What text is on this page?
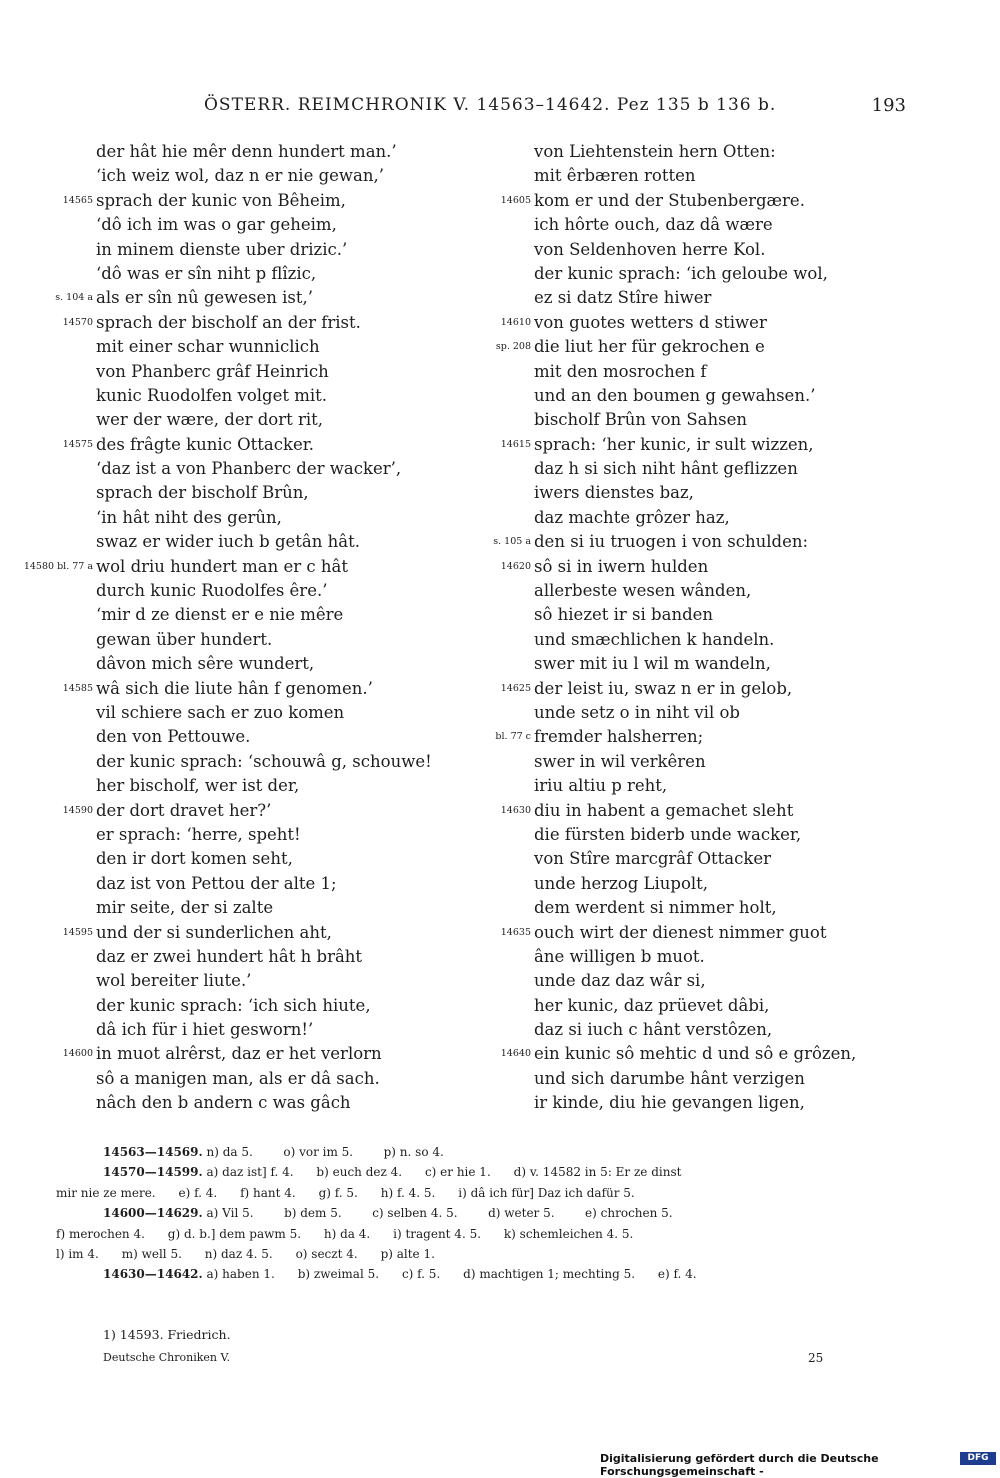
ÖSTERR. REIMCHRONIK V. 14563–14642. Pez 135 b 136 b.	193
der hât hie mêr denn hundert man.’
‘ich weiz wol, daz n er nie gewan,’
14565 sprach der kunic von Bêheim,
‘dô ich im was o gar geheim,
in minem dienste uber drizic.’
‘dô was er sîn niht p flîzic,
s. 104 a als er sîn nû gewesen ist,’
14570 sprach der bischolf an der frist.
mit einer schar wunniclich
von Phanberc grâf Heinrich
kunic Ruodolfen volget mit.
wer der wære, der dort rit,
14575 des frâgte kunic Ottacker.
‘daz ist a von Phanberc der wacker’,
sprach der bischolf Brûn,
‘in hât niht des gerûn,
swaz er wider iuch b getân hât.
14580 bl. 77 a wol driu hundert man er c hât
durch kunic Ruodolfes êre.’
‘mir d ze dienst er e nie mêre
gewan über hundert.
dâvon mich sêre wundert,
14585 wâ sich die liute hân f genomen.’
vil schiere sach er zuo komen
den von Pettouwe.
der kunic sprach: ‘schouwâ g, schouwe!
her bischolf, wer ist der,
14590 der dort dravet her?’
er sprach: ‘herre, speht!
den ir dort komen seht,
daz ist von Pettou der alte 1;
mir seite, der si zalte
14595 und der si sunderlichen aht,
daz er zwei hundert hât h brâht
wol bereiter liute.’
der kunic sprach: ‘ich sich hiute,
dâ ich für i hiet gesworn!’
14600 in muot alrêrst, daz er het verlorn
sô a manigen man, als er dâ sach.
nâch den b andern c was gâch
von Liehtenstein hern Otten:
mit êrbæren rotten
14605 kom er und der Stubenbergære.
ich hôrte ouch, daz dâ wære
von Seldenhoven herre Kol.
der kunic sprach: ‘ich geloube wol,
ez si datz Stîre hiwer
14610 von guotes wetters d stiwer
sp. 208 die liut her für gekrochen e
mit den mosrochen f
und an den boumen g gewahsen.’
bischolf Brûn von Sahsen
14615 sprach: ‘her kunic, ir sult wizzen,
daz h si sich niht hânt geflizzen
iwers dienstes baz,
daz machte grôzer haz,
s. 105 a den si iu truogen i von schulden:
14620 sô si in iwern hulden
allerbeste wesen wânden,
sô hiezet ir si banden
und smæchlichen k handeln.
swer mit iu l wil m wandeln,
14625 der leist iu, swaz n er in gelob,
unde setz o in niht vil ob
bl. 77 c fremder halsherren;
swer in wil verkêren
iriu altiu p reht,
14630 diu in habent a gemachet sleht
die fürsten biderb unde wacker,
von Stîre marcgrâf Ottacker
unde herzog Liupolt,
dem werdent si nimmer holt,
14635 ouch wirt der dienest nimmer guot
âne willigen b muot.
unde daz daz wâr si,
her kunic, daz prüevet dâbi,
daz si iuch c hânt verstôzen,
14640 ein kunic sô mehtic d und sô e grôzen,
und sich darumbe hânt verzigen
ir kinde, diu hie gevangen ligen,
14563—14569. n) da 5.        o) vor im 5.        p) n. so 4.
14570—14599. a) daz ist] f. 4.      b) euch dez 4.      c) er hie 1.      d) v. 14582 in 5: Er ze dinst
mir nie ze mere.      e) f. 4.      f) hant 4.      g) f. 5.      h) f. 4. 5.      i) dâ ich für] Daz ich dafür 5.
14600—14629. a) Vil 5.        b) dem 5.        c) selben 4. 5.        d) weter 5.        e) chrochen 5.
f) merochen 4.      g) d. b.] dem pawm 5.      h) da 4.      i) tragent 4. 5.      k) schemleichen 4. 5.
l) im 4.      m) well 5.      n) daz 4. 5.      o) seczt 4.      p) alte 1.
14630—14642. a) haben 1.      b) zweimal 5.      c) f. 5.      d) machtigen 1; mechting 5.      e) f. 4.
1) 14593. Friedrich.
Deutsche Chroniken V.	25
Digitalisierung gefördert durch die Deutsche Forschungsgemeinschaft -
DFG
